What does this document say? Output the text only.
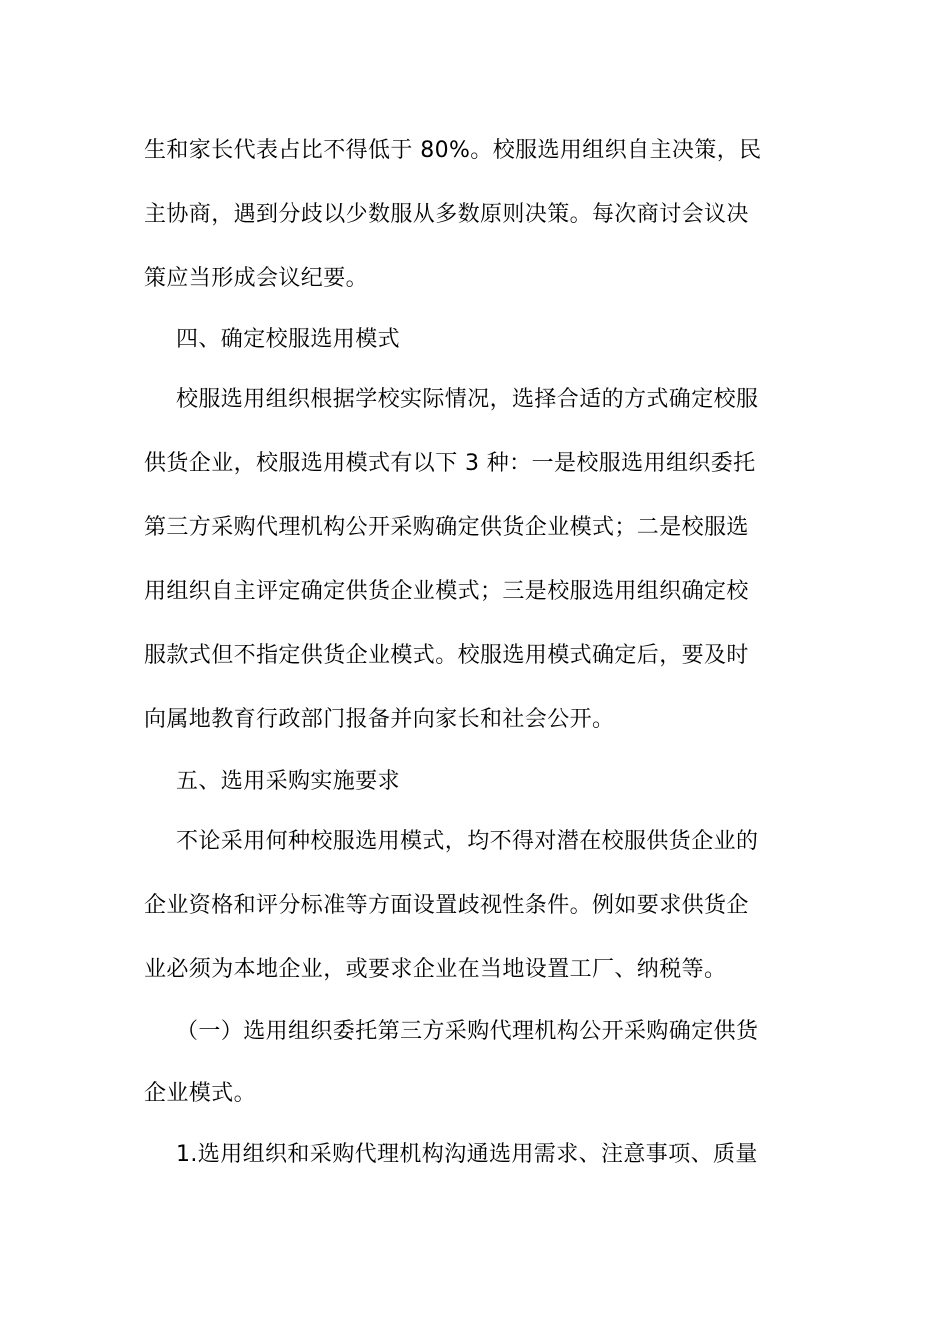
生和家长代表占比不得低于 80%。校服选用组织自主决策，民
主协商，遇到分歧以少数服从多数原则决策。每次商讨会议决
策应当形成会议纪要。
四、确定校服选用模式
校服选用组织根据学校实际情况，选择合适的方式确定校服
供货企业，校服选用模式有以下 3 种：一是校服选用组织委托
第三方采购代理机构公开采购确定供货企业模式；二是校服选
用组织自主评定确定供货企业模式；三是校服选用组织确定校
服款式但不指定供货企业模式。校服选用模式确定后，要及时
向属地教育行政部门报备并向家长和社会公开。
五、选用采购实施要求
不论采用何种校服选用模式，均不得对潜在校服供货企业的
企业资格和评分标准等方面设置歧视性条件。例如要求供货企
业必须为本地企业，或要求企业在当地设置工厂、纳税等。
（一）选用组织委托第三方采购代理机构公开采购确定供货
企业模式。
1.选用组织和采购代理机构沟通选用需求、注意事项、质量
